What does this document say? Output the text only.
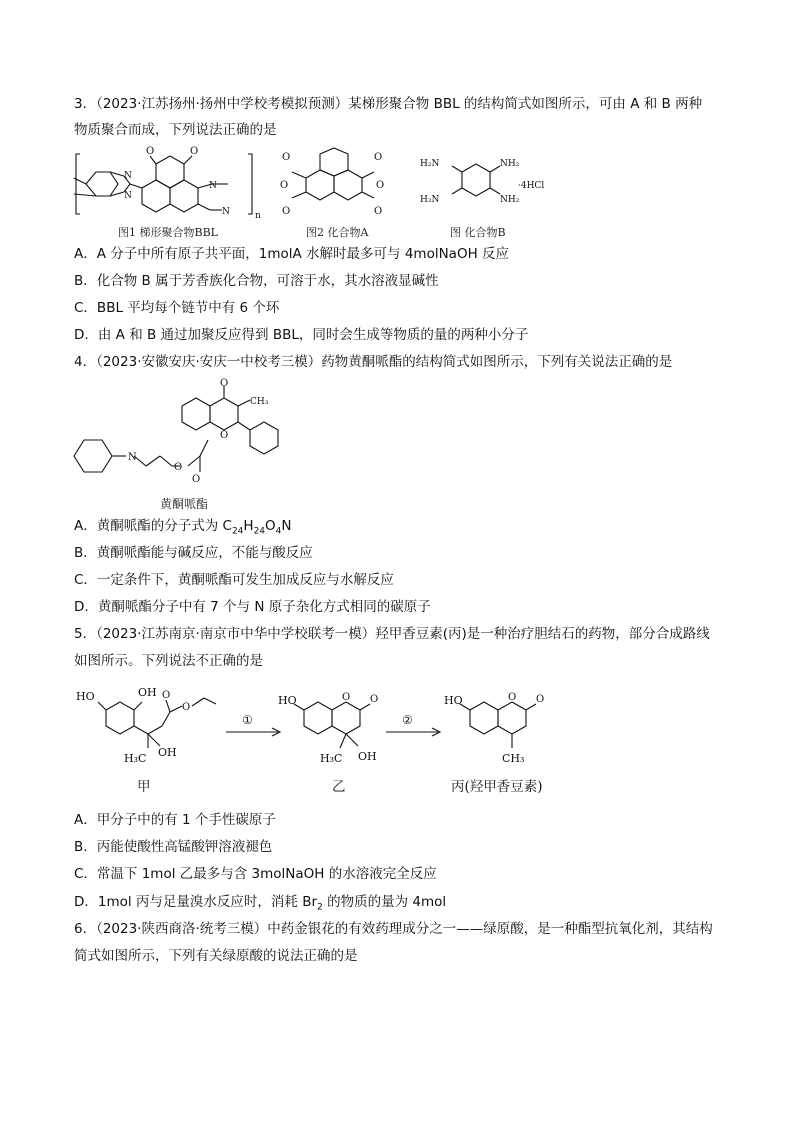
3．（2023·江苏扬州·扬州中学校考模拟预测）某梯形聚合物 BBL 的结构简式如图所示，可由 A 和 B 两种
物质聚合而成，下列说法正确的是
O	O
N
N
N
N	n
图1 梯形聚合物BBL
O
O
O
O
O
O
图2 化合物A
H₂N
H₂N
NH₂
NH₂
·4HCl
图 化合物B
A．A 分子中所有原子共平面，1molA 水解时最多可与 4molNaOH 反应
B．化合物 B 属于芳香族化合物，可溶于水，其水溶液显碱性
C．BBL 平均每个链节中有 6 个环
D．由 A 和 B 通过加聚反应得到 BBL，同时会生成等物质的量的两种小分子
4．（2023·安徽安庆·安庆一中校考三模）药物黄酮哌酯的结构简式如图所示，下列有关说法正确的是
O
O
N
O
O
CH₃
黄酮哌酯
A．黄酮哌酯的分子式为 $C_{24}H_{24}O_4N$
B．黄酮哌酯能与碱反应，不能与酸反应
C．一定条件下，黄酮哌酯可发生加成反应与水解反应
D．黄酮哌酯分子中有 7 个与 N 原子杂化方式相同的碳原子
5．（2023·江苏南京·南京市中华中学校联考一模）羟甲香豆素(丙)是一种治疗胆结石的药物，部分合成路线
如图所示。下列说法不正确的是
HO	OH O
O
H₃C OH
①
HO	O O
H₃C OH
②
HO	O O
CH₃
甲	乙	丙(羟甲香豆素)
A．甲分子中的有 1 个手性碳原子
B．丙能使酸性高锰酸钾溶液褪色
C．常温下 1mol 乙最多与含 3molNaOH 的水溶液完全反应
D．1mol 丙与足量溴水反应时，消耗 $Br_2$ 的物质的量为 4mol
6．（2023·陕西商洛·统考三模）中药金银花的有效药理成分之一——绿原酸，是一种酯型抗氧化剂，其结构
简式如图所示，下列有关绿原酸的说法正确的是
